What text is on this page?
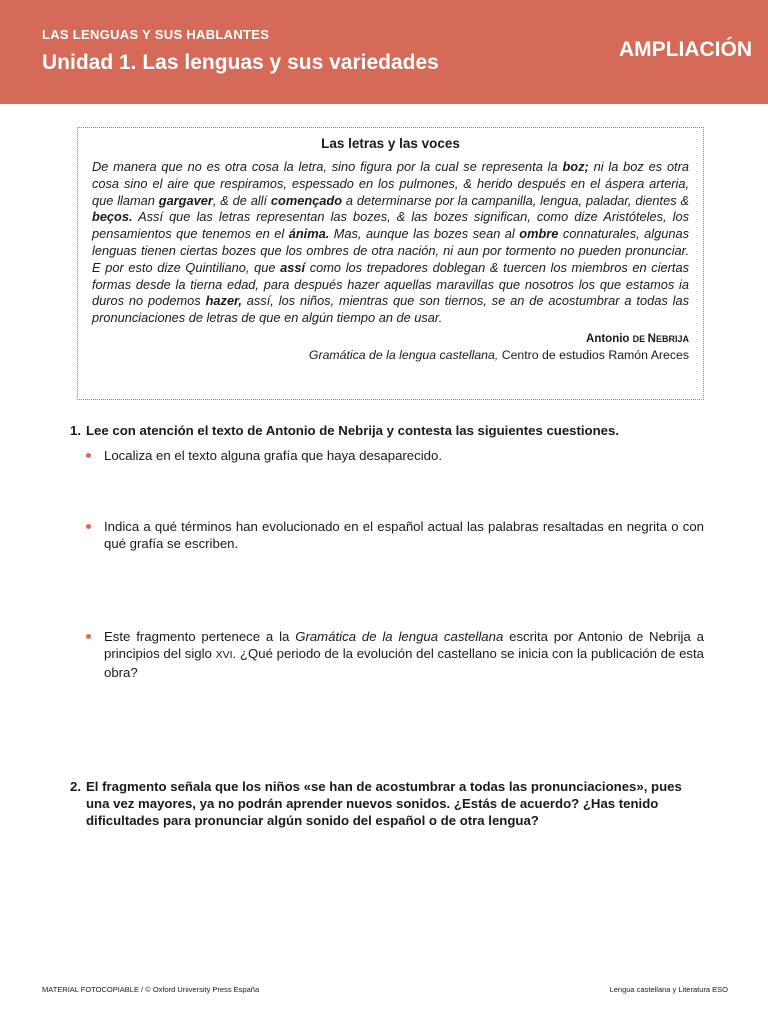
LAS LENGUAS Y SUS HABLANTES
Unidad 1. Las lenguas y sus variedades
AMPLIACIÓN
Las letras y las voces

De manera que no es otra cosa la letra, sino figura por la cual se representa la boz; ni la boz es otra cosa sino el aire que respiramos, espessado en los pulmones, & herido después en el áspera arteria, que llaman gargaver, & de allí començado a determinarse por la campanilla, lengua, paladar, dientes & beços. Assí que las letras representan las bozes, & las bozes significan, como dize Aristóteles, los pensamientos que tenemos en el ánima. Mas, aunque las bozes sean al ombre connaturales, algunas lenguas tienen ciertas bozes que los ombres de otra nación, ni aun por tormento no pueden pronunciar. E por esto dize Quintiliano, que assí como los trepadores doblegan & tuercen los miembros en ciertas formas desde la tierna edad, para después hazer aquellas maravillas que nosotros los que estamos ia duros no podemos hazer, assí, los niños, mientras que son tiernos, se an de acostumbrar a todas las pronunciaciones de letras de que en algún tiempo an de usar.

Antonio DE NEBRIJA
Gramática de la lengua castellana, Centro de estudios Ramón Areces
1. Lee con atención el texto de Antonio de Nebrija y contesta las siguientes cuestiones.
Localiza en el texto alguna grafía que haya desaparecido.
Indica a qué términos han evolucionado en el español actual las palabras resaltadas en negrita o con qué grafía se escriben.
Este fragmento pertenece a la Gramática de la lengua castellana escrita por Antonio de Nebrija a principios del siglo XVI. ¿Qué periodo de la evolución del castellano se inicia con la publicación de esta obra?
2. El fragmento señala que los niños «se han de acostumbrar a todas las pronunciaciones», pues una vez mayores, ya no podrán aprender nuevos sonidos. ¿Estás de acuerdo? ¿Has tenido dificultades para pronunciar algún sonido del español o de otra lengua?
MATERIAL FOTOCOPIABLE / © Oxford University Press España	Lengua castellana y Literatura ESO
